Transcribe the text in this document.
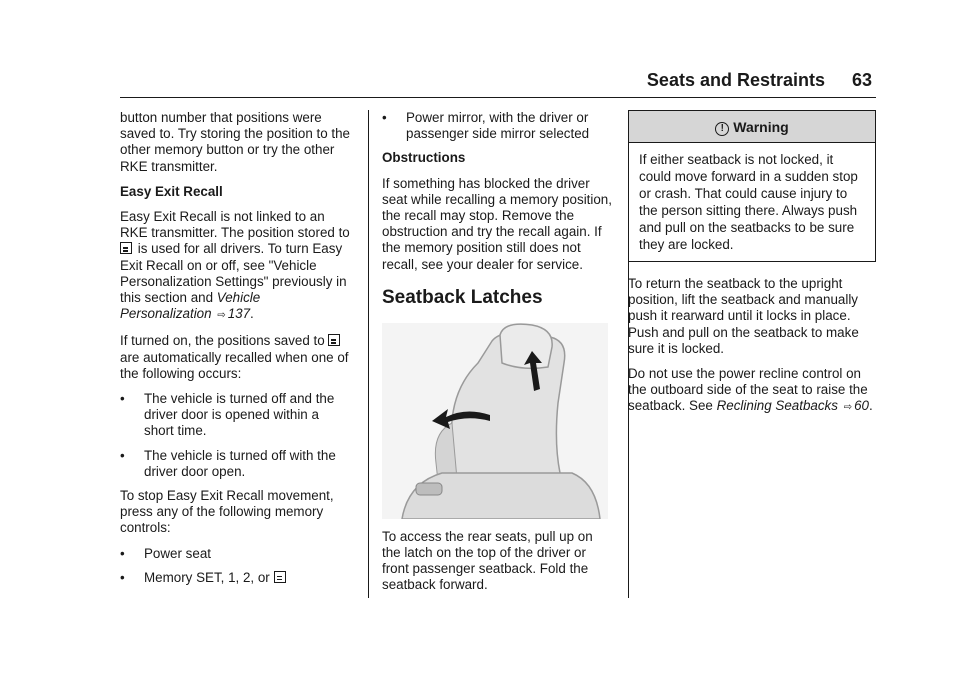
Seats and Restraints 63

button number that positions were saved to. Try storing the position to the other memory button or try the other RKE transmitter.

Easy Exit Recall

Easy Exit Recall is not linked to an RKE transmitter. The position stored to  is used for all drivers. To turn Easy Exit Recall on or off, see "Vehicle Personalization Settings" previously in this section and Vehicle Personalization ⇨ 137.

If turned on, the positions saved to  are automatically recalled when one of the following occurs:

• The vehicle is turned off and the driver door is opened within a short time.
• The vehicle is turned off with the driver door open.

To stop Easy Exit Recall movement, press any of the following memory controls:

• Power seat
• Memory SET, 1, 2, or
• Power mirror, with the driver or passenger side mirror selected

Obstructions

If something has blocked the driver seat while recalling a memory position, the recall may stop. Remove the obstruction and try the recall again. If the memory position still does not recall, see your dealer for service.

Seatback Latches

To access the rear seats, pull up on the latch on the top of the driver or front passenger seatback. Fold the seatback forward.

! Warning
If either seatback is not locked, it could move forward in a sudden stop or crash. That could cause injury to the person sitting there. Always push and pull on the seatbacks to be sure they are locked.

To return the seatback to the upright position, lift the seatback and manually push it rearward until it locks in place. Push and pull on the seatback to make sure it is locked.

Do not use the power recline control on the outboard side of the seat to raise the seatback. See Reclining Seatbacks ⇨ 60.
